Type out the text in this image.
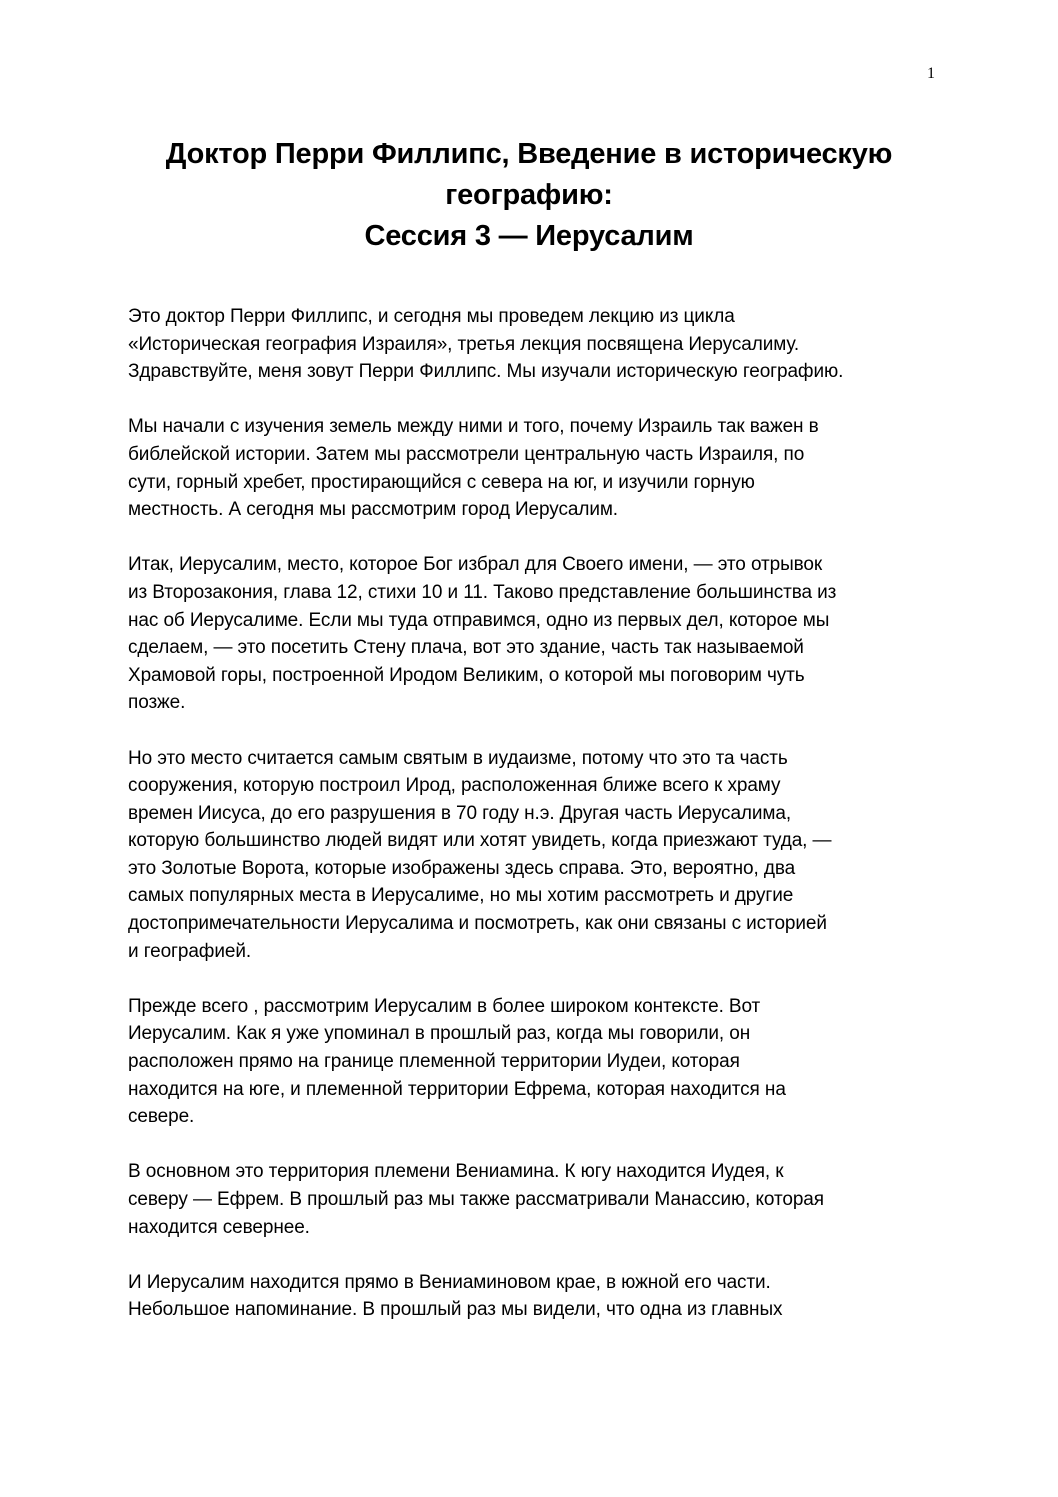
1
Доктор Перри Филлипс, Введение в историческую
географию:
Сессия 3 — Иерусалим

Это доктор Перри Филлипс, и сегодня мы проведем лекцию из цикла
«Историческая география Израиля», третья лекция посвящена Иерусалиму.
Здравствуйте, меня зовут Перри Филлипс. Мы изучали историческую географию.

Мы начали с изучения земель между ними и того, почему Израиль так важен в
библейской истории. Затем мы рассмотрели центральную часть Израиля, по
сути, горный хребет, простирающийся с севера на юг, и изучили горную
местность. А сегодня мы рассмотрим город Иерусалим.

Итак, Иерусалим, место, которое Бог избрал для Своего имени, — это отрывок
из Второзакония, глава 12, стихи 10 и 11. Таково представление большинства из
нас об Иерусалиме. Если мы туда отправимся, одно из первых дел, которое мы
сделаем, — это посетить Стену плача, вот это здание, часть так называемой
Храмовой горы, построенной Иродом Великим, о которой мы поговорим чуть
позже.

Но это место считается самым святым в иудаизме, потому что это та часть
сооружения, которую построил Ирод, расположенная ближе всего к храму
времен Иисуса, до его разрушения в 70 году н.э. Другая часть Иерусалима,
которую большинство людей видят или хотят увидеть, когда приезжают туда, —
это Золотые Ворота, которые изображены здесь справа. Это, вероятно, два
самых популярных места в Иерусалиме, но мы хотим рассмотреть и другие
достопримечательности Иерусалима и посмотреть, как они связаны с историей
и географией.

Прежде всего , рассмотрим Иерусалим в более широком контексте. Вот
Иерусалим. Как я уже упоминал в прошлый раз, когда мы говорили, он
расположен прямо на границе племенной территории Иудеи, которая
находится на юге, и племенной территории Ефрема, которая находится на
севере.

В основном это территория племени Вениамина. К югу находится Иудея, к
северу — Ефрем. В прошлый раз мы также рассматривали Манассию, которая
находится севернее.

И Иерусалим находится прямо в Вениаминовом крае, в южной его части.
Небольшое напоминание. В прошлый раз мы видели, что одна из главных
